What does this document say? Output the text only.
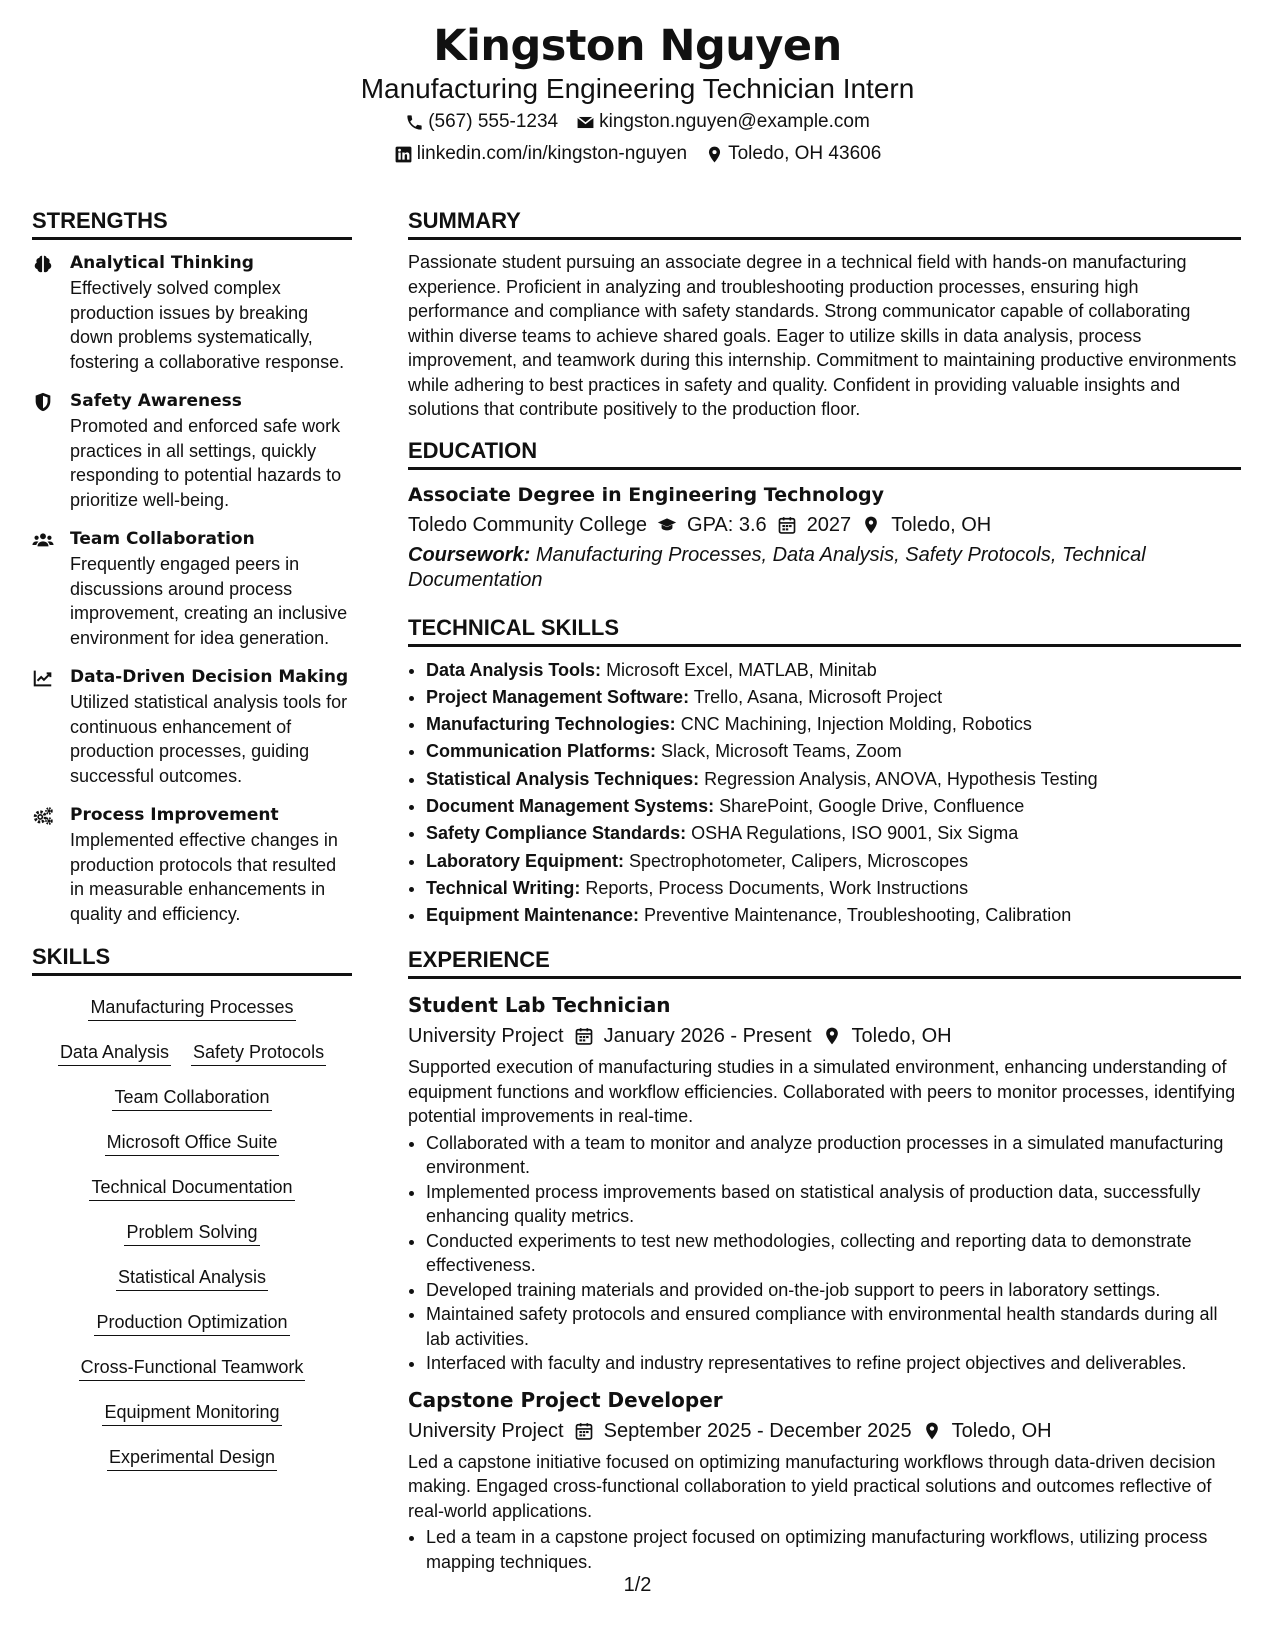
Kingston Nguyen
Manufacturing Engineering Technician Intern
(567) 555-1234 kingston.nguyen@example.com
linkedin.com/in/kingston-nguyen Toledo, OH 43606
STRENGTHS
Analytical Thinking
Effectively solved complex production issues by breaking down problems systematically, fostering a collaborative response.
Safety Awareness
Promoted and enforced safe work practices in all settings, quickly responding to potential hazards to prioritize well-being.
Team Collaboration
Frequently engaged peers in discussions around process improvement, creating an inclusive environment for idea generation.
Data-Driven Decision Making
Utilized statistical analysis tools for continuous enhancement of production processes, guiding successful outcomes.
Process Improvement
Implemented effective changes in production protocols that resulted in measurable enhancements in quality and efficiency.
SKILLS
Manufacturing Processes
Data Analysis Safety Protocols
Team Collaboration
Microsoft Office Suite
Technical Documentation
Problem Solving
Statistical Analysis
Production Optimization
Cross-Functional Teamwork
Equipment Monitoring
Experimental Design
SUMMARY
Passionate student pursuing an associate degree in a technical field with hands-on manufacturing experience. Proficient in analyzing and troubleshooting production processes, ensuring high performance and compliance with safety standards. Strong communicator capable of collaborating within diverse teams to achieve shared goals. Eager to utilize skills in data analysis, process improvement, and teamwork during this internship. Commitment to maintaining productive environments while adhering to best practices in safety and quality. Confident in providing valuable insights and solutions that contribute positively to the production floor.
EDUCATION
Associate Degree in Engineering Technology
Toledo Community College GPA: 3.6 2027 Toledo, OH
Coursework: Manufacturing Processes, Data Analysis, Safety Protocols, Technical Documentation
TECHNICAL SKILLS
• Data Analysis Tools: Microsoft Excel, MATLAB, Minitab
• Project Management Software: Trello, Asana, Microsoft Project
• Manufacturing Technologies: CNC Machining, Injection Molding, Robotics
• Communication Platforms: Slack, Microsoft Teams, Zoom
• Statistical Analysis Techniques: Regression Analysis, ANOVA, Hypothesis Testing
• Document Management Systems: SharePoint, Google Drive, Confluence
• Safety Compliance Standards: OSHA Regulations, ISO 9001, Six Sigma
• Laboratory Equipment: Spectrophotometer, Calipers, Microscopes
• Technical Writing: Reports, Process Documents, Work Instructions
• Equipment Maintenance: Preventive Maintenance, Troubleshooting, Calibration
EXPERIENCE
Student Lab Technician
University Project January 2026 - Present Toledo, OH
Supported execution of manufacturing studies in a simulated environment, enhancing understanding of equipment functions and workflow efficiencies. Collaborated with peers to monitor processes, identifying potential improvements in real-time.
• Collaborated with a team to monitor and analyze production processes in a simulated manufacturing environment.
• Implemented process improvements based on statistical analysis of production data, successfully enhancing quality metrics.
• Conducted experiments to test new methodologies, collecting and reporting data to demonstrate effectiveness.
• Developed training materials and provided on-the-job support to peers in laboratory settings.
• Maintained safety protocols and ensured compliance with environmental health standards during all lab activities.
• Interfaced with faculty and industry representatives to refine project objectives and deliverables.
Capstone Project Developer
University Project September 2025 - December 2025 Toledo, OH
Led a capstone initiative focused on optimizing manufacturing workflows through data-driven decision making. Engaged cross-functional collaboration to yield practical solutions and outcomes reflective of real-world applications.
• Led a team in a capstone project focused on optimizing manufacturing workflows, utilizing process mapping techniques.
1/2
